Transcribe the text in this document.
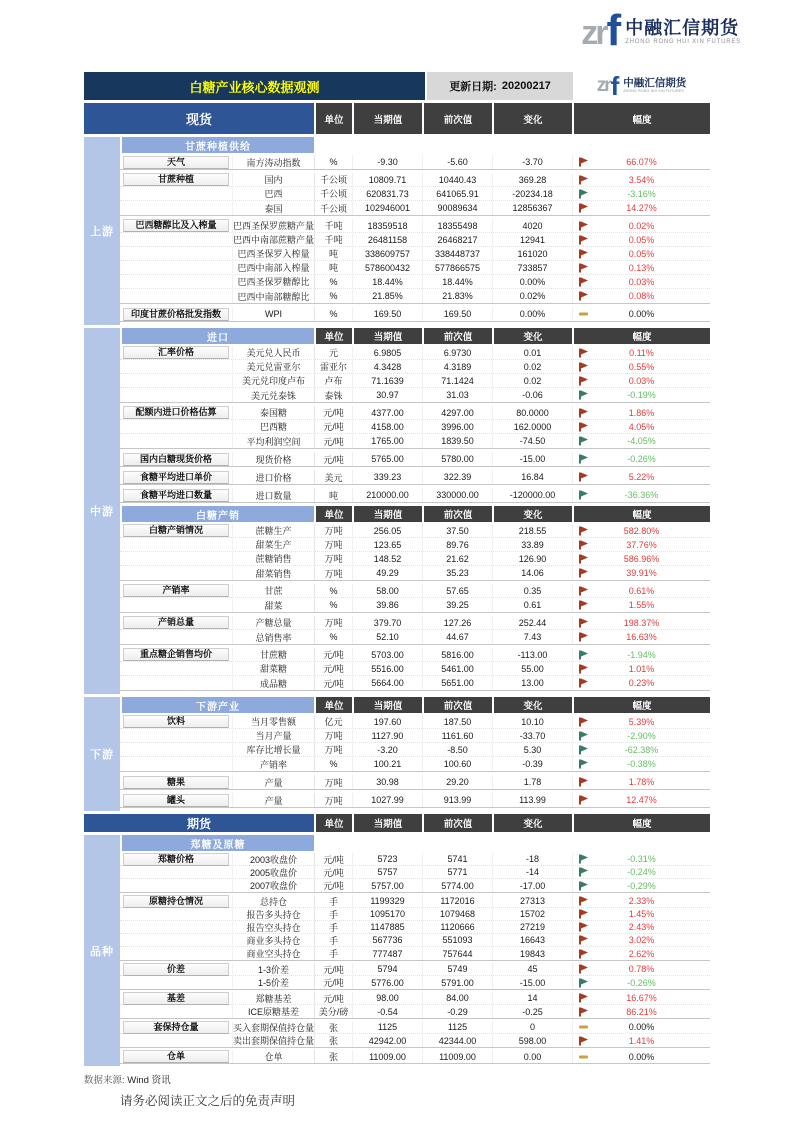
zr f 中融汇信期货
ZHONG RONG HUI XIN FUTURES
白糖产业核心数据观测	更新日期: 20200217 zr f 中融汇信期货
ZHONG RONG HUI XIN FUTURES
现货	单位	当期值	前次值	变化	幅度
上游
甘蔗种植供给
天气	南方涛动指数	%	-9.30	-5.60	-3.70	66.07%
甘蔗种植	国内	千公顷	10809.71	10440.43	369.28	3.54%
巴西	千公顷	620831.73	641065.91	-20234.18	-3.16%
泰国	千公顷	102946001	90089634	12856367	14.27%
巴西糖醇比及入榨量	巴西圣保罗蔗糖产量	千吨	18359518	18355498	4020	0.02%
巴西中南部蔗糖产量	千吨	26481158	26468217	12941	0.05%
巴西圣保罗入榨量	吨	338609757	338448737	161020	0.05%
巴西中南部入榨量	吨	578600432	577866575	733857	0.13%
巴西圣保罗糖醇比	%	18.44%	18.44%	0.00%	0.03%
巴西中南部糖醇比	%	21.85%	21.83%	0.02%	0.08%
印度甘蔗价格批发指数	WPI	%	169.50	169.50	0.00%	0.00%
中游
进口	单位	当期值	前次值	变化	幅度
汇率价格	美元兑人民币	元	6.9805	6.9730	0.01	0.11%
美元兑雷亚尔	雷亚尔	4.3428	4.3189	0.02	0.55%
美元兑印度卢布	卢布	71.1639	71.1424	0.02	0.03%
美元兑泰铢	泰铢	30.97	31.03	-0.06	-0.19%
配额内进口价格估算	泰国糖	元/吨	4377.00	4297.00	80.0000	1.86%
巴西糖	元/吨	4158.00	3996.00	162.0000	4.05%
平均利润空间	元/吨	1765.00	1839.50	-74.50	-4.05%
国内白糖现货价格	现货价格	元/吨	5765.00	5780.00	-15.00	-0.26%
食糖平均进口单价	进口价格	美元	339.23	322.39	16.84	5.22%
食糖平均进口数量	进口数量	吨	210000.00	330000.00	-120000.00	-36.36%
白糖产销	单位	当期值	前次值	变化	幅度
白糖产销情况	蔗糖生产	万吨	256.05	37.50	218.55	582.80%
甜菜生产	万吨	123.65	89.76	33.89	37.76%
蔗糖销售	万吨	148.52	21.62	126.90	586.96%
甜菜销售	万吨	49.29	35.23	14.06	39.91%
产销率	甘蔗	%	58.00	57.65	0.35	0.61%
甜菜	%	39.86	39.25	0.61	1.55%
产销总量	产糖总量	万吨	379.70	127.26	252.44	198.37%
总销售率	%	52.10	44.67	7.43	16.63%
重点糖企销售均价	甘蔗糖	元/吨	5703.00	5816.00	-113.00	-1.94%
甜菜糖	元/吨	5516.00	5461.00	55.00	1.01%
成品糖	元/吨	5664.00	5651.00	13.00	0.23%
下游
下游产业	单位	当期值	前次值	变化	幅度
饮料	当月零售额	亿元	197.60	187.50	10.10	5.39%
当月产量	万吨	1127.90	1161.60	-33.70	-2.90%
库存比增长量	万吨	-3.20	-8.50	5.30	-62.38%
产销率	%	100.21	100.60	-0.39	-0.38%
糖果	产量	万吨	30.98	29.20	1.78	1.78%
罐头	产量	万吨	1027.99	913.99	113.99	12.47%
期货	单位	当期值	前次值	变化	幅度
品种
郑糖及原糖
郑糖价格	2003收盘价	元/吨	5723	5741	-18	-0.31%
2005收盘价	元/吨	5757	5771	-14	-0.24%
2007收盘价	元/吨	5757.00	5774.00	-17.00	-0.29%
原糖持仓情况	总持仓	手	1199329	1172016	27313	2.33%
报告多头持仓	手	1095170	1079468	15702	1.45%
报告空头持仓	手	1147885	1120666	27219	2.43%
商业多头持仓	手	567736	551093	16643	3.02%
商业空头持仓	手	777487	757644	19843	2.62%
价差	1-3价差	元/吨	5794	5749	45	0.78%
1-5价差	元/吨	5776.00	5791.00	-15.00	-0.26%
基差	郑糖基差	元/吨	98.00	84.00	14	16.67%
ICE原糖基差	美分/磅	-0.54	-0.29	-0.25	86.21%
套保持仓量	买入套期保值持仓量	张	1125	1125	0	0.00%
卖出套期保值持仓量	张	42942.00	42344.00	598.00	1.41%
仓单	仓单	张	11009.00	11009.00	0.00	0.00%
数据来源: Wind 资讯
请务必阅读正文之后的免责声明
